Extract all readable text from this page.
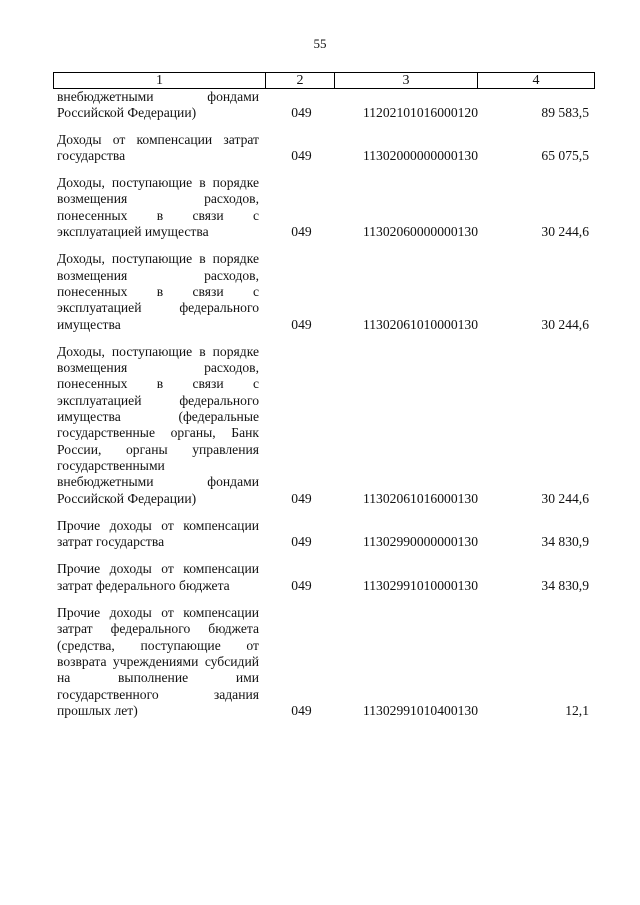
55
1	2	3	4
внебюджетными фондами Российской Федерации)	049	11202101016000120	89 583,5
Доходы от компенсации затрат государства	049	11302000000000130	65 075,5
Доходы, поступающие в порядке возмещения расходов, понесенных в связи с эксплуатацией имущества	049	11302060000000130	30 244,6
Доходы, поступающие в порядке возмещения расходов, понесенных в связи с эксплуатацией федерального имущества	049	11302061010000130	30 244,6
Доходы, поступающие в порядке возмещения расходов, понесенных в связи с эксплуатацией федерального имущества (федеральные государственные органы, Банк России, органы управления государственными внебюджетными фондами Российской Федерации)	049	11302061016000130	30 244,6
Прочие доходы от компенсации затрат государства	049	11302990000000130	34 830,9
Прочие доходы от компенсации затрат федерального бюджета	049	11302991010000130	34 830,9
Прочие доходы от компенсации затрат федерального бюджета (средства, поступающие от возврата учреждениями субсидий на выполнение ими государственного задания прошлых лет)	049	11302991010400130	12,1
